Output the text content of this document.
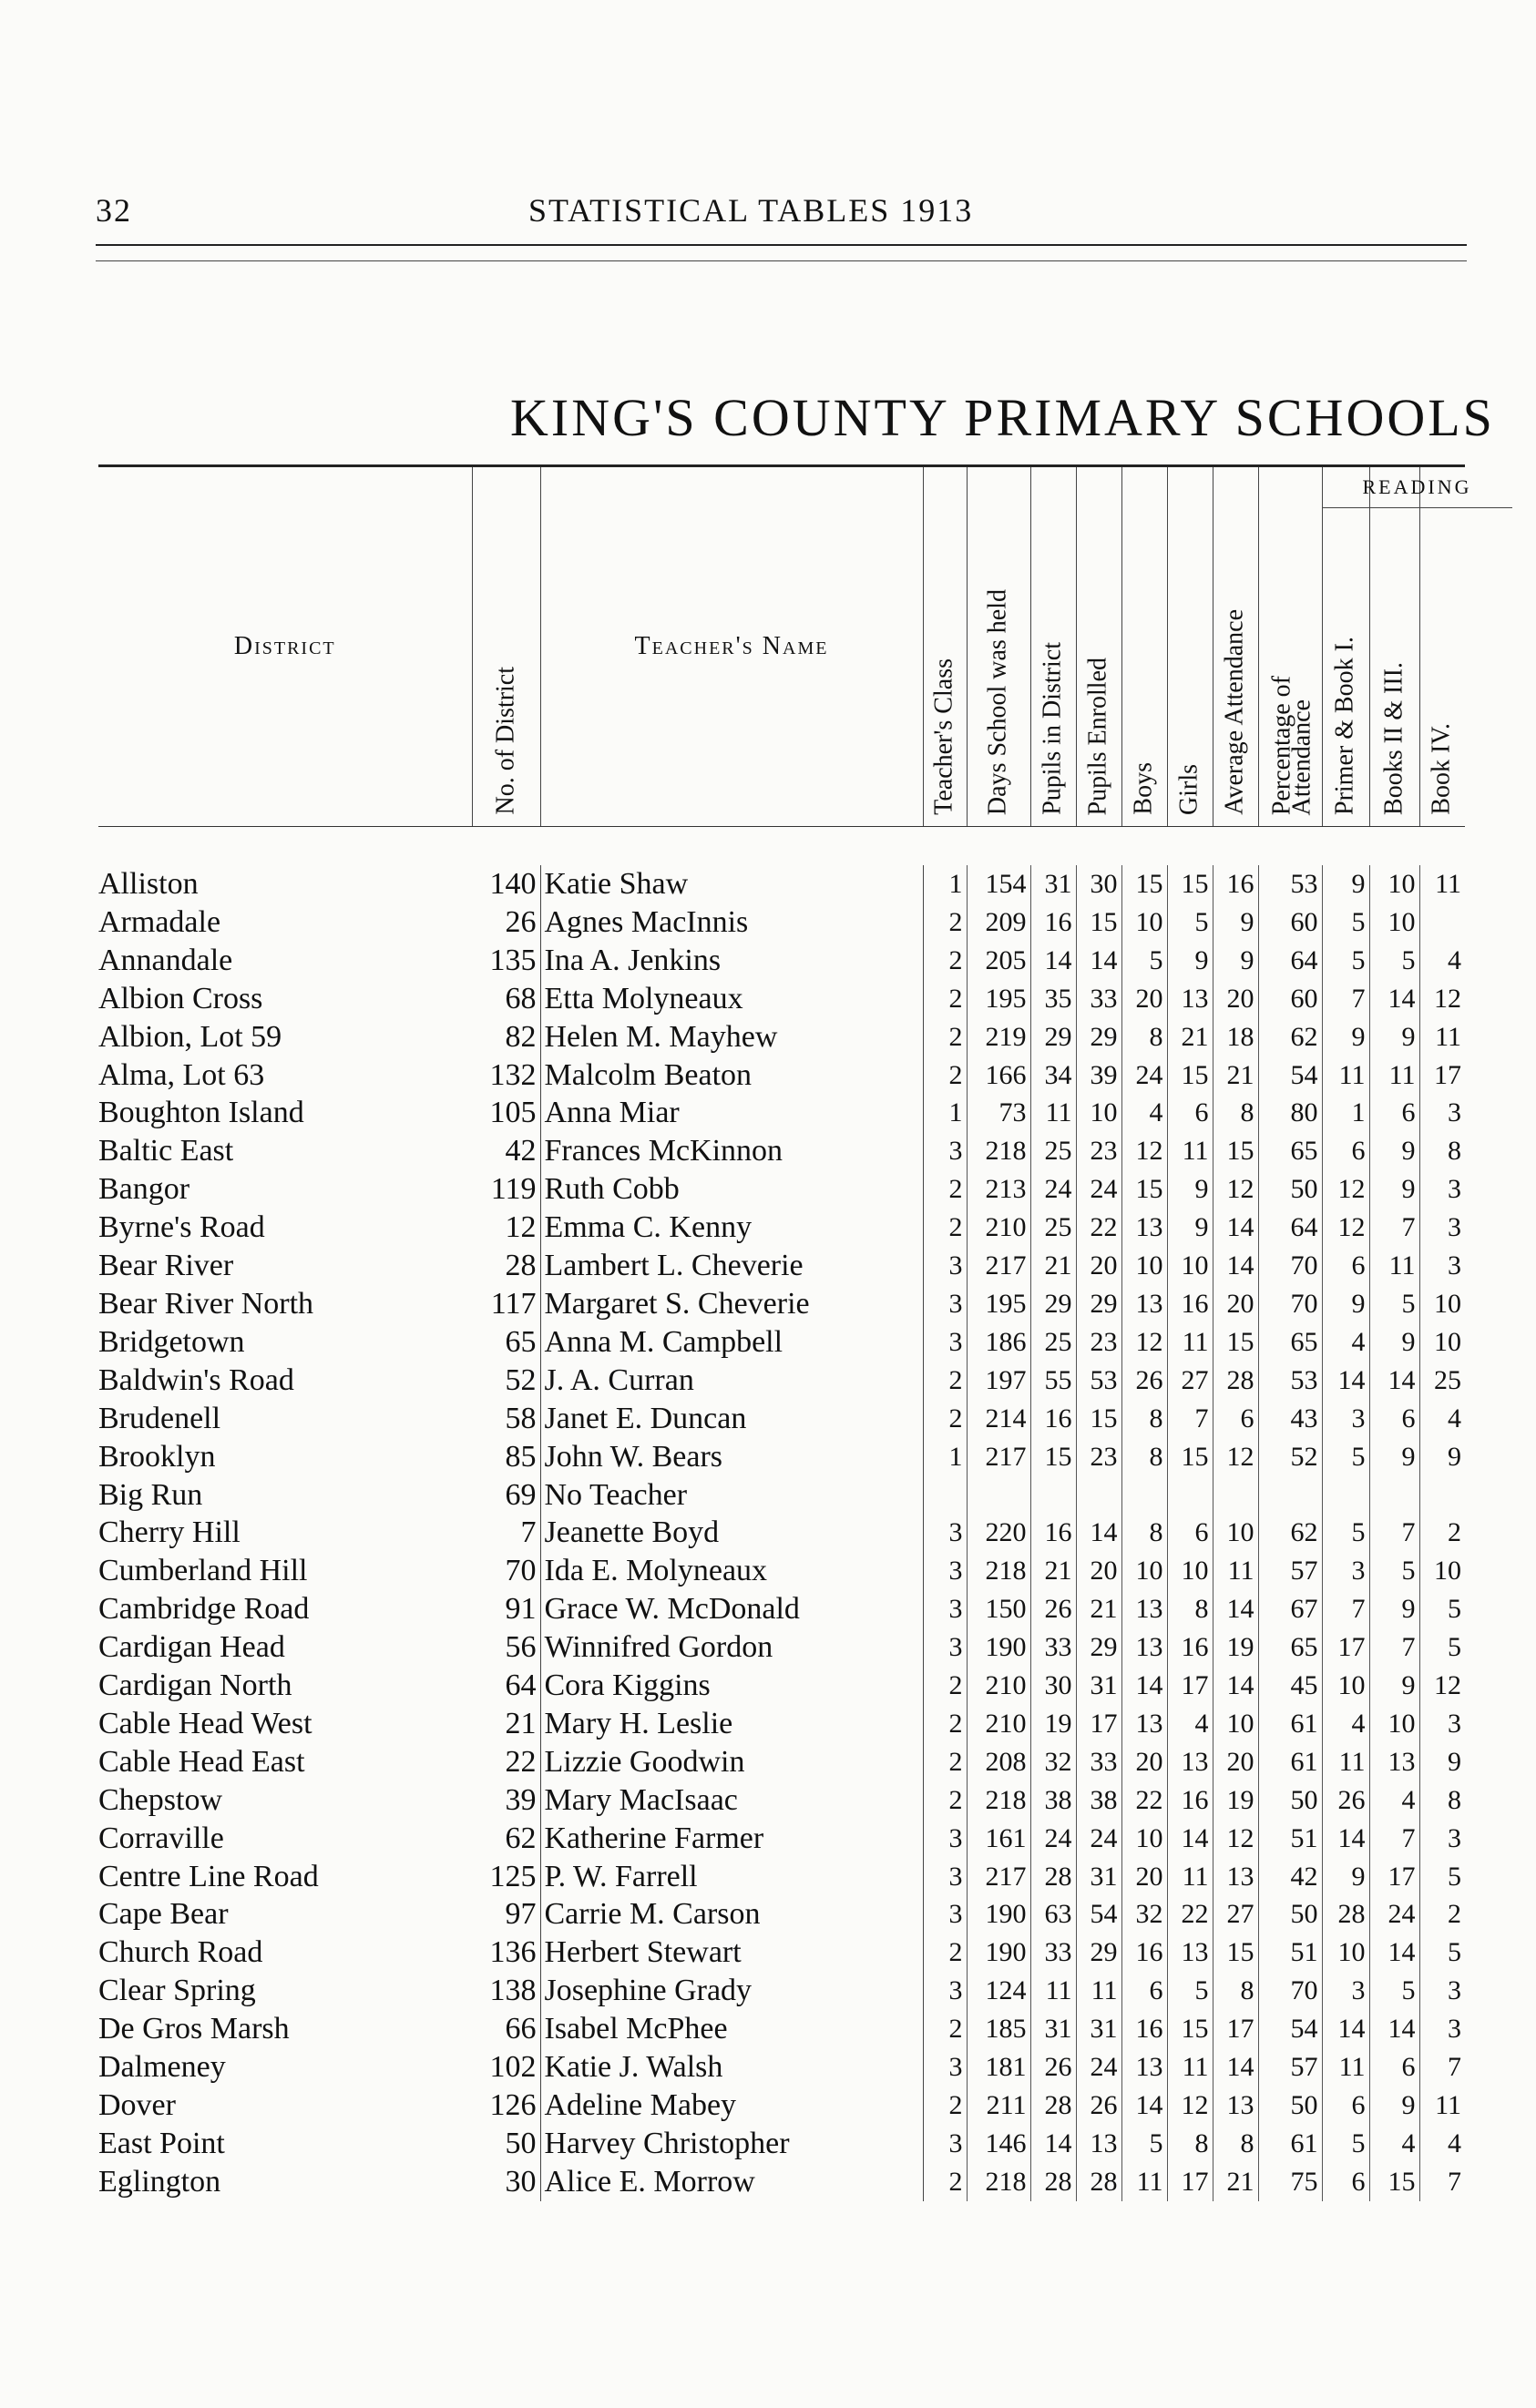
32	STATISTICAL TABLES 1913
KING'S COUNTY PRIMARY SCHOOLS
District	No. of District	Teacher's Name	Teacher's Class	Days School was held	Pupils in District	Pupils Enrolled	Boys	Girls	Average Attendance	Percentage of
Attendance	READING
Primer & Book I.	Books II & III.	Book IV.

Alliston	140	Katie Shaw	1	154	31	30	15	15	16	53	9	10	11
Armadale	26	Agnes MacInnis	2	209	16	15	10	5	9	60	5	10	
Annandale	135	Ina A. Jenkins	2	205	14	14	5	9	9	64	5	5	4
Albion Cross	68	Etta Molyneaux	2	195	35	33	20	13	20	60	7	14	12
Albion, Lot 59	82	Helen M. Mayhew	2	219	29	29	8	21	18	62	9	9	11
Alma, Lot 63	132	Malcolm Beaton	2	166	34	39	24	15	21	54	11	11	17
Boughton Island	105	Anna Miar	1	73	11	10	4	6	8	80	1	6	3
Baltic East	42	Frances McKinnon	3	218	25	23	12	11	15	65	6	9	8
Bangor	119	Ruth Cobb	2	213	24	24	15	9	12	50	12	9	3
Byrne's Road	12	Emma C. Kenny	2	210	25	22	13	9	14	64	12	7	3
Bear River	28	Lambert L. Cheverie	3	217	21	20	10	10	14	70	6	11	3
Bear River North	117	Margaret S. Cheverie	3	195	29	29	13	16	20	70	9	5	10
Bridgetown	65	Anna M. Campbell	3	186	25	23	12	11	15	65	4	9	10
Baldwin's Road	52	J. A. Curran	2	197	55	53	26	27	28	53	14	14	25
Brudenell	58	Janet E. Duncan	2	214	16	15	8	7	6	43	3	6	4
Brooklyn	85	John W. Bears	1	217	15	23	8	15	12	52	5	9	9
Big Run	69	No Teacher											
Cherry Hill	7	Jeanette Boyd	3	220	16	14	8	6	10	62	5	7	2
Cumberland Hill	70	Ida E. Molyneaux	3	218	21	20	10	10	11	57	3	5	10
Cambridge Road	91	Grace W. McDonald	3	150	26	21	13	8	14	67	7	9	5
Cardigan Head	56	Winnifred Gordon	3	190	33	29	13	16	19	65	17	7	5
Cardigan North	64	Cora Kiggins	2	210	30	31	14	17	14	45	10	9	12
Cable Head West	21	Mary H. Leslie	2	210	19	17	13	4	10	61	4	10	3
Cable Head East	22	Lizzie Goodwin	2	208	32	33	20	13	20	61	11	13	9
Chepstow	39	Mary MacIsaac	2	218	38	38	22	16	19	50	26	4	8
Corraville	62	Katherine Farmer	3	161	24	24	10	14	12	51	14	7	3
Centre Line Road	125	P. W. Farrell	3	217	28	31	20	11	13	42	9	17	5
Cape Bear	97	Carrie M. Carson	3	190	63	54	32	22	27	50	28	24	2
Church Road	136	Herbert Stewart	2	190	33	29	16	13	15	51	10	14	5
Clear Spring	138	Josephine Grady	3	124	11	11	6	5	8	70	3	5	3
De Gros Marsh	66	Isabel McPhee	2	185	31	31	16	15	17	54	14	14	3
Dalmeney	102	Katie J. Walsh	3	181	26	24	13	11	14	57	11	6	7
Dover	126	Adeline Mabey	2	211	28	26	14	12	13	50	6	9	11
East Point	50	Harvey Christopher	3	146	14	13	5	8	8	61	5	4	4
Eglington	30	Alice E. Morrow	2	218	28	28	11	17	21	75	6	15	7
